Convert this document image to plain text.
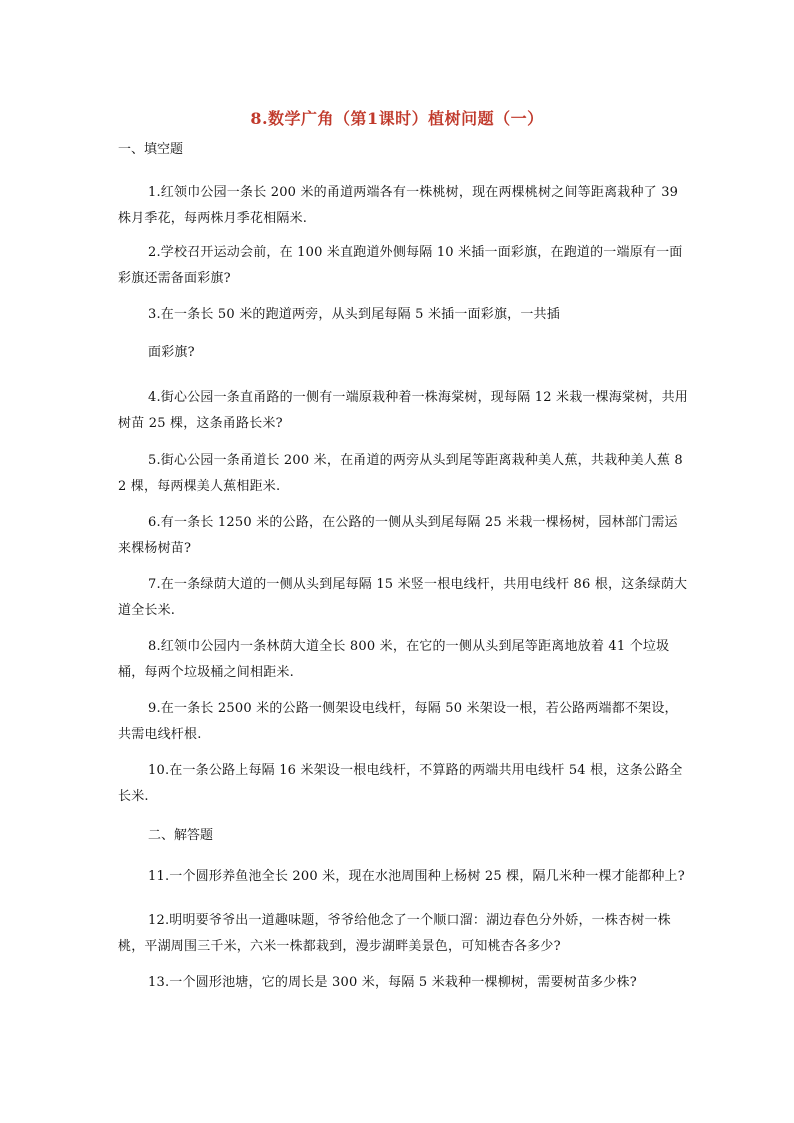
8.数学广角（第1课时）植树问题（一）
一、填空题
1.红领巾公园一条长 200 米的甬道两端各有一株桃树，现在两棵桃树之间等距离栽种了 39 株月季花，每两株月季花相隔米.
2.学校召开运动会前，在 100 米直跑道外侧每隔 10 米插一面彩旗，在跑道的一端原有一面彩旗还需备面彩旗?
3.在一条长 50 米的跑道两旁，从头到尾每隔 5 米插一面彩旗，一共插
面彩旗?
4.街心公园一条直甬路的一侧有一端原栽种着一株海棠树，现每隔 12 米栽一棵海棠树，共用树苗 25 棵，这条甬路长米?
5.街心公园一条甬道长 200 米，在甬道的两旁从头到尾等距离栽种美人蕉，共栽种美人蕉 82 棵，每两棵美人蕉相距米.
6.有一条长 1250 米的公路，在公路的一侧从头到尾每隔 25 米栽一棵杨树，园林部门需运来棵杨树苗?
7.在一条绿荫大道的一侧从头到尾每隔 15 米竖一根电线杆，共用电线杆 86 根，这条绿荫大道全长米.
8.红领巾公园内一条林荫大道全长 800 米，在它的一侧从头到尾等距离地放着 41 个垃圾桶，每两个垃圾桶之间相距米.
9.在一条长 2500 米的公路一侧架设电线杆，每隔 50 米架设一根，若公路两端都不架设，共需电线杆根.
10.在一条公路上每隔 16 米架设一根电线杆，不算路的两端共用电线杆 54 根，这条公路全长米.
二、解答题
11.一个圆形养鱼池全长 200 米，现在水池周围种上杨树 25 棵，隔几米种一棵才能都种上?
12.明明要爷爷出一道趣味题，爷爷给他念了一个顺口溜：湖边春色分外娇，一株杏树一株桃，平湖周围三千米，六米一株都栽到，漫步湖畔美景色，可知桃杏各多少?
13.一个圆形池塘，它的周长是 300 米，每隔 5 米栽种一棵柳树，需要树苗多少株?
